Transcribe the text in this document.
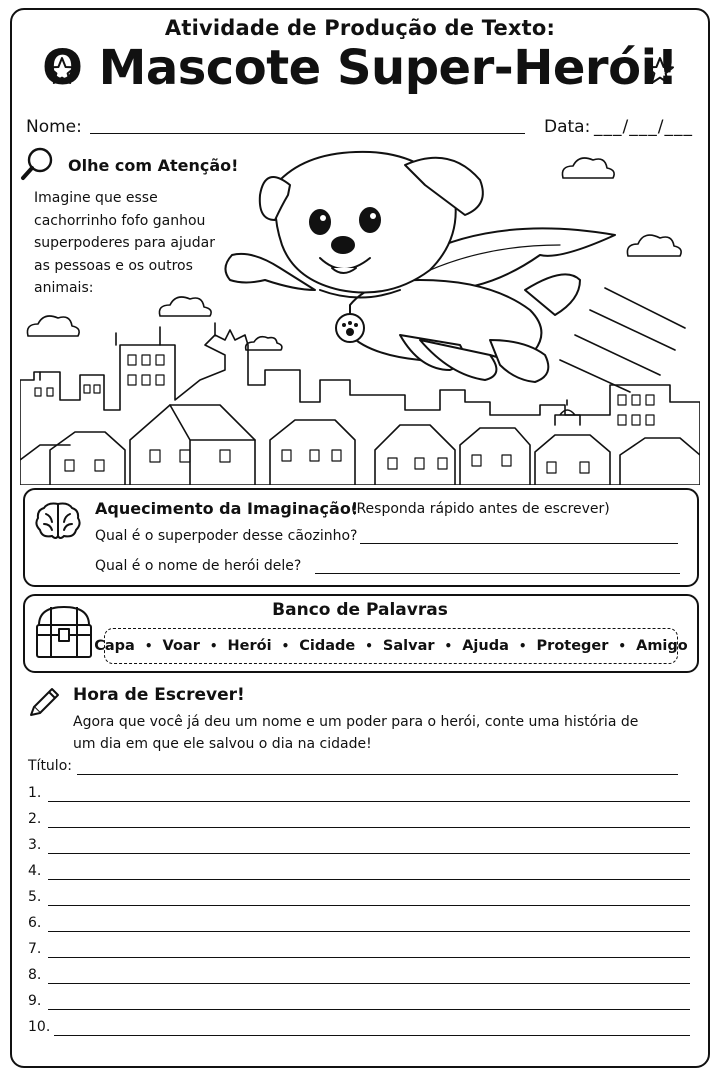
Atividade de Produção de Texto:
O Mascote Super-Herói!
Nome:	Data: ___/___/___
Olhe com Atenção!
Imagine que esse cachorrinho fofo ganhou superpoderes para ajudar as pessoas e os outros animais:
Aquecimento da Imaginação!
(Responda rápido antes de escrever)
Qual é o superpoder desse cãozinho?
Qual é o nome de herói dele?
Banco de Palavras
Capa • Voar • Herói • Cidade • Salvar • Ajuda • Proteger • Amigo
Hora de Escrever!
Agora que você já deu um nome e um poder para o herói, conte uma história de um dia em que ele salvou o dia na cidade!
Título:
1.
2.
3.
4.
5.
6.
7.
8.
9.
10.
